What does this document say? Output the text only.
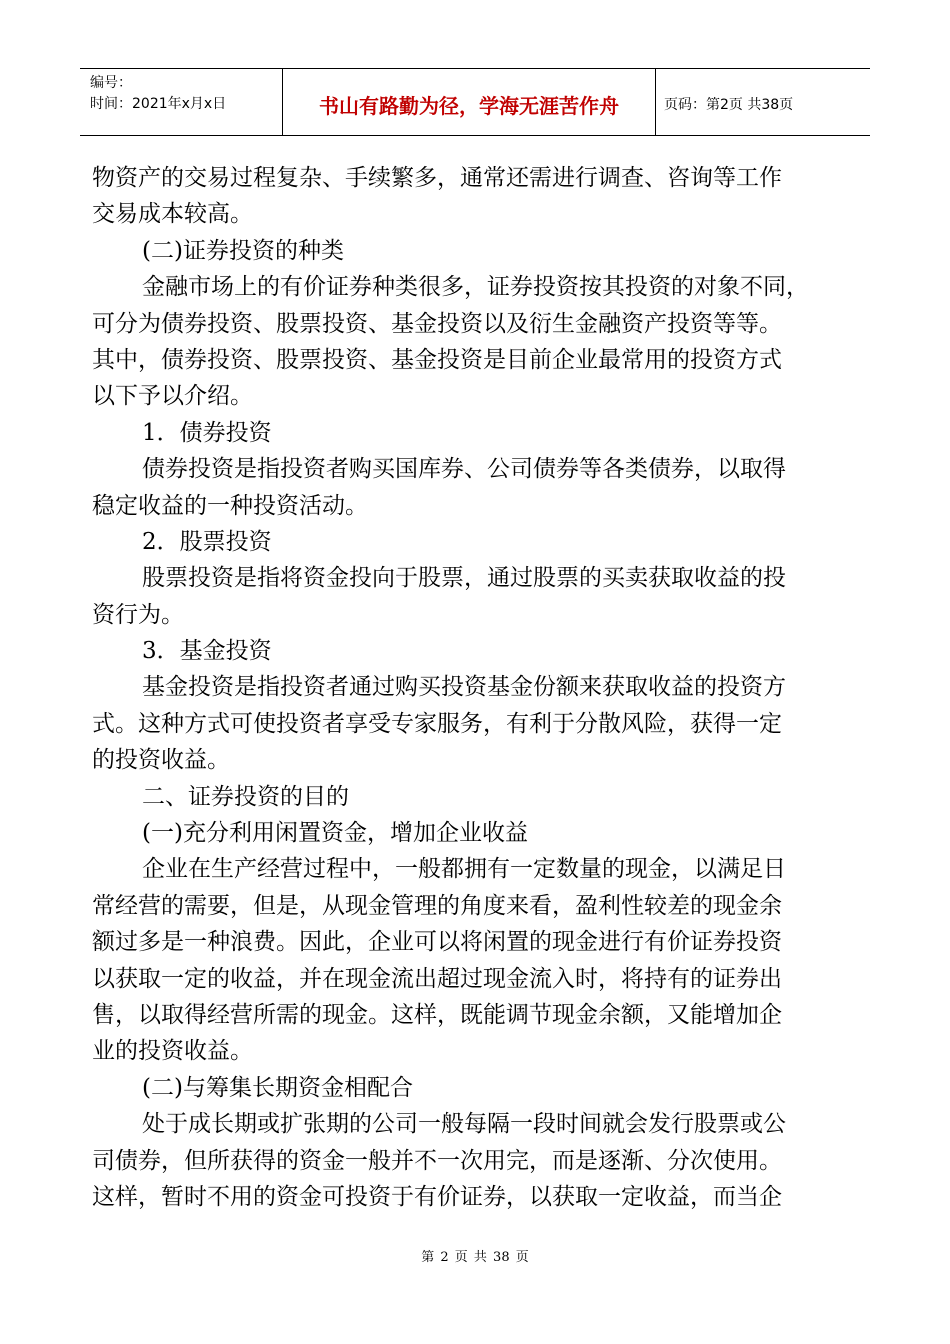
编号：
时间：2021年x月x日	书山有路勤为径，学海无涯苦作舟	页码：第2页 共38页
物资产的交易过程复杂、手续繁多，通常还需进行调查、咨询等工作
交易成本较高。
(二)证券投资的种类
金融市场上的有价证券种类很多，证券投资按其投资的对象不同，
可分为债券投资、股票投资、基金投资以及衍生金融资产投资等等。
其中，债券投资、股票投资、基金投资是目前企业最常用的投资方式
以下予以介绍。
1．债券投资
债券投资是指投资者购买国库券、公司债券等各类债券，以取得
稳定收益的一种投资活动。
2．股票投资
股票投资是指将资金投向于股票，通过股票的买卖获取收益的投
资行为。
3．基金投资
基金投资是指投资者通过购买投资基金份额来获取收益的投资方
式。这种方式可使投资者享受专家服务，有利于分散风险，获得一定
的投资收益。
二、证券投资的目的
(一)充分利用闲置资金，增加企业收益
企业在生产经营过程中，一般都拥有一定数量的现金，以满足日
常经营的需要，但是，从现金管理的角度来看，盈利性较差的现金余
额过多是一种浪费。因此，企业可以将闲置的现金进行有价证券投资
以获取一定的收益，并在现金流出超过现金流入时，将持有的证券出
售，以取得经营所需的现金。这样，既能调节现金余额，又能增加企
业的投资收益。
(二)与筹集长期资金相配合
处于成长期或扩张期的公司一般每隔一段时间就会发行股票或公
司债券，但所获得的资金一般并不一次用完，而是逐渐、分次使用。
这样，暂时不用的资金可投资于有价证券，以获取一定收益，而当企
第 2 页 共 38 页
